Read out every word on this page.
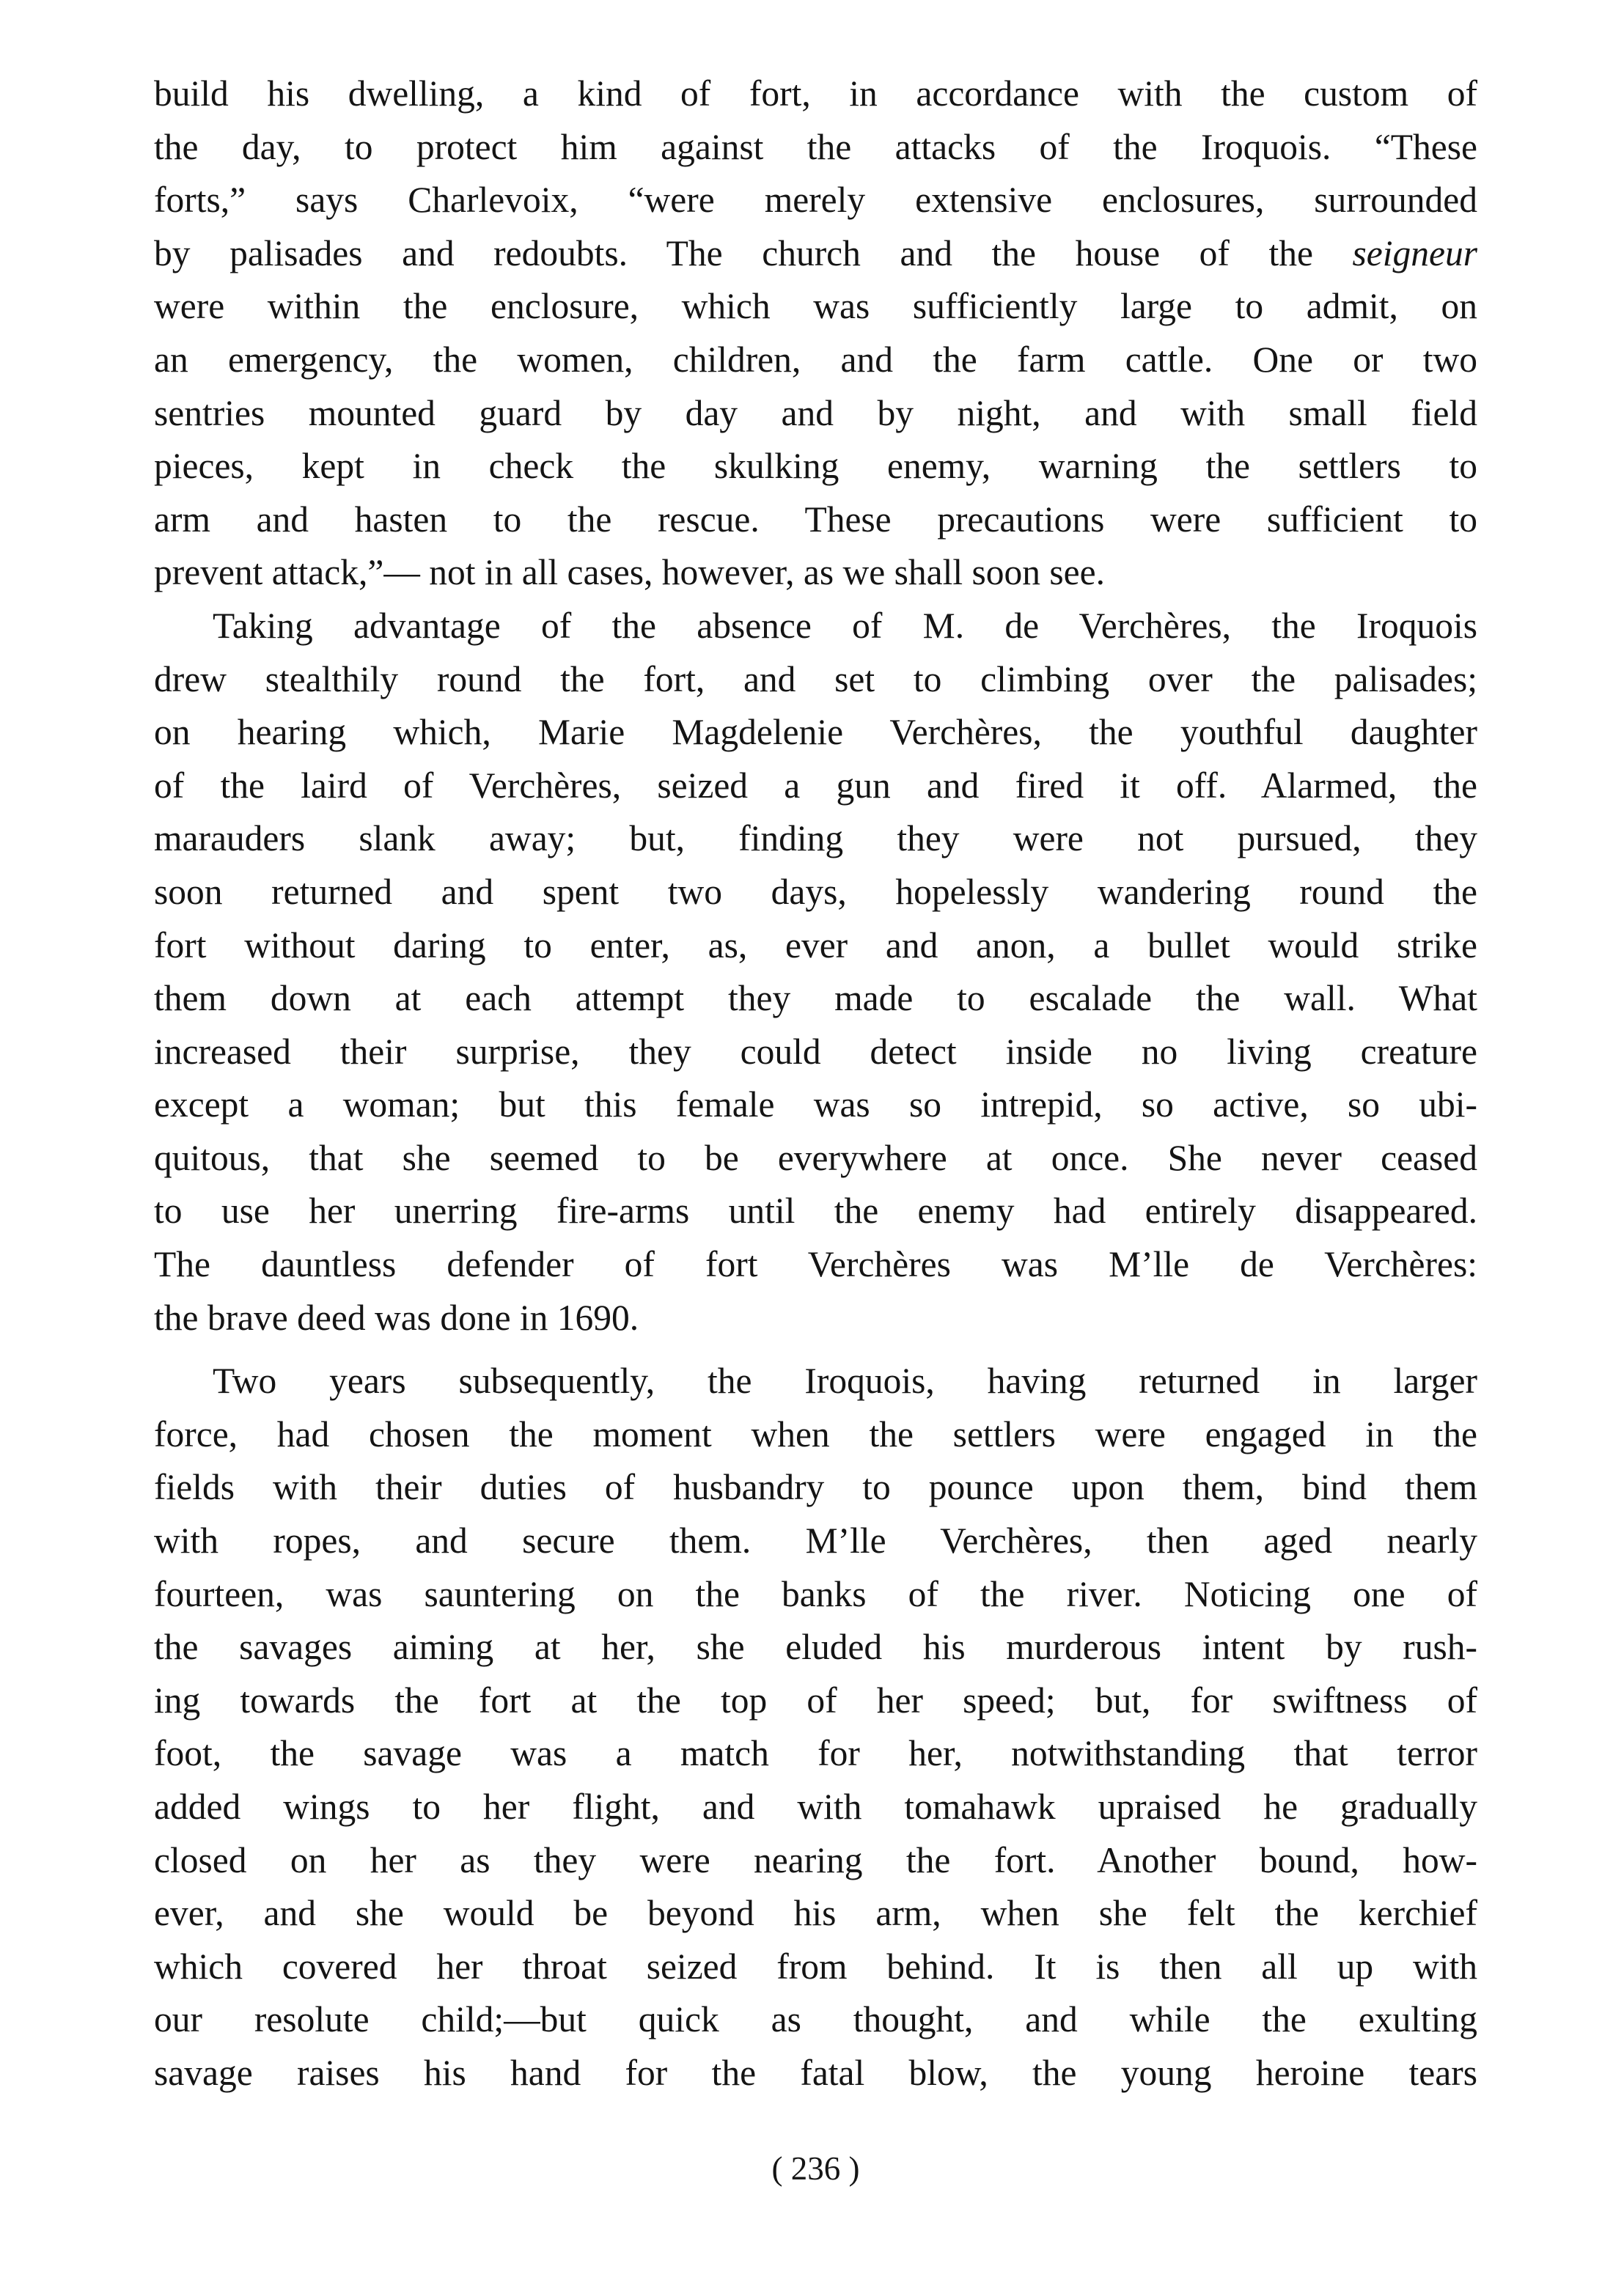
build his dwelling, a kind of fort, in accordance with the custom of
the day, to protect him against the attacks of the Iroquois. “These
forts,” says Charlevoix, “were merely extensive enclosures, surrounded
by palisades and redoubts. The church and the house of the seigneur
were within the enclosure, which was sufficiently large to admit, on
an emergency, the women, children, and the farm cattle. One or two
sentries mounted guard by day and by night, and with small field
pieces, kept in check the skulking enemy, warning the settlers to
arm and hasten to the rescue. These precautions were sufficient to
prevent attack,”— not in all cases, however, as we shall soon see.
Taking advantage of the absence of M. de Verchères, the Iroquois
drew stealthily round the fort, and set to climbing over the palisades;
on hearing which, Marie Magdelenie Verchères, the youthful daughter
of the laird of Verchères, seized a gun and fired it off. Alarmed, the
marauders slank away; but, finding they were not pursued, they
soon returned and spent two days, hopelessly wandering round the
fort without daring to enter, as, ever and anon, a bullet would strike
them down at each attempt they made to escalade the wall. What
increased their surprise, they could detect inside no living creature
except a woman; but this female was so intrepid, so active, so ubi-
quitous, that she seemed to be everywhere at once. She never ceased
to use her unerring fire-arms until the enemy had entirely disappeared.
The dauntless defender of fort Verchères was M’lle de Verchères:
the brave deed was done in 1690.
Two years subsequently, the Iroquois, having returned in larger
force, had chosen the moment when the settlers were engaged in the
fields with their duties of husbandry to pounce upon them, bind them
with ropes, and secure them. M’lle Verchères, then aged nearly
fourteen, was sauntering on the banks of the river. Noticing one of
the savages aiming at her, she eluded his murderous intent by rush-
ing towards the fort at the top of her speed; but, for swiftness of
foot, the savage was a match for her, notwithstanding that terror
added wings to her flight, and with tomahawk upraised he gradually
closed on her as they were nearing the fort. Another bound, how-
ever, and she would be beyond his arm, when she felt the kerchief
which covered her throat seized from behind. It is then all up with
our resolute child;—but quick as thought, and while the exulting
savage raises his hand for the fatal blow, the young heroine tears
( 236 )
